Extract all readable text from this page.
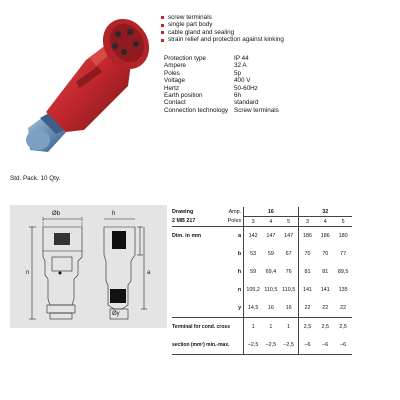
screw terminals
single part body
cable gland and sealing
strain relief and protection against kinking
Protection type	IP 44
Ampere	32 A
Poles	5p
Voltage	400 V
Hertz	50-60Hz
Earth position	6h
Contact	standard
Connection technology	Screw terminals
Std. Pack. 10 Qty.
Øb	h
n	a
Øy
Drawing	Amp.	16			32		
2 MB 217	Poles	3	4	5	3	4	5
Dim. in mm	a	142	147	147	186	186	180
	b	53	59	67	70	70	77
	h	59	69,4	76	81	81	89,5
	n	105,2	110,5	110,5	141	141	135
	y	14,5	16	16	22	22	22
Terminal for cond. cross		1	1	1	2,5	2,5	2,5
section (mm²) min.-max.		–2,5	–2,5	–2,5	–6	–6	–6
